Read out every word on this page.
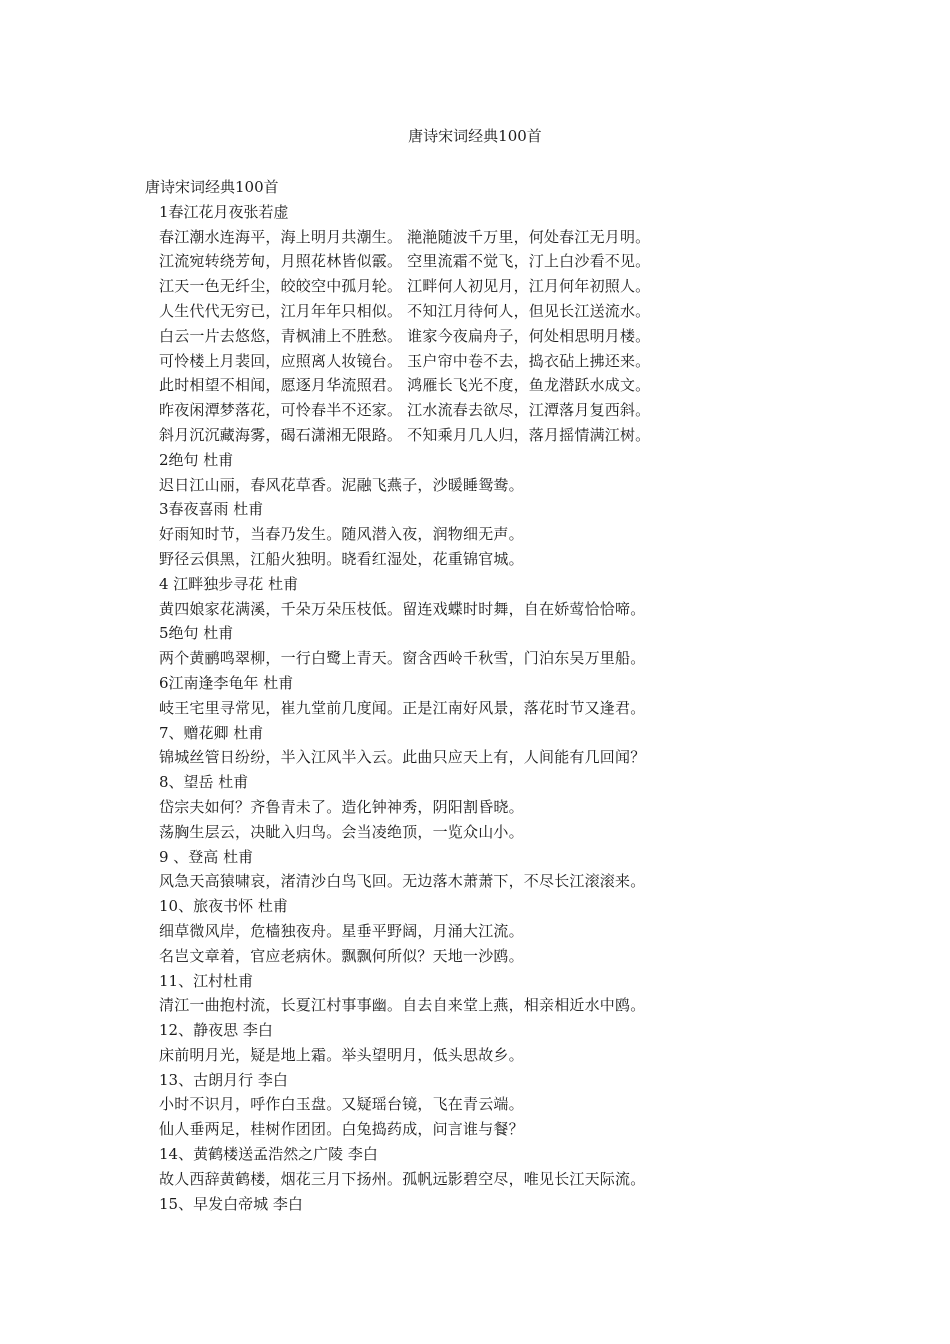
唐诗宋词经典100首
唐诗宋词经典100首
1春江花月夜张若虚
春江潮水连海平，海上明月共潮生。 滟滟随波千万里，何处春江无月明。
江流宛转绕芳甸，月照花林皆似霰。 空里流霜不觉飞，汀上白沙看不见。
江天一色无纤尘，皎皎空中孤月轮。 江畔何人初见月，江月何年初照人。
人生代代无穷已，江月年年只相似。 不知江月待何人，但见长江送流水。
白云一片去悠悠，青枫浦上不胜愁。 谁家今夜扁舟子，何处相思明月楼。
可怜楼上月裴回，应照离人妆镜台。 玉户帘中卷不去，捣衣砧上拂还来。
此时相望不相闻，愿逐月华流照君。 鸿雁长飞光不度，鱼龙潜跃水成文。
昨夜闲潭梦落花，可怜春半不还家。 江水流春去欲尽，江潭落月复西斜。
斜月沉沉藏海雾，碣石潇湘无限路。 不知乘月几人归，落月摇情满江树。
2绝句 杜甫
迟日江山丽，春风花草香。泥融飞燕子，沙暖睡鸳鸯。
3春夜喜雨 杜甫
好雨知时节，当春乃发生。随风潜入夜，润物细无声。
野径云俱黑，江船火独明。晓看红湿处，花重锦官城。
4 江畔独步寻花 杜甫
黄四娘家花满溪，千朵万朵压枝低。留连戏蝶时时舞，自在娇莺恰恰啼。
5绝句 杜甫
两个黄鹂鸣翠柳，一行白鹭上青天。窗含西岭千秋雪，门泊东吴万里船。
6江南逢李龟年 杜甫
岐王宅里寻常见，崔九堂前几度闻。正是江南好风景，落花时节又逢君。
7、赠花卿 杜甫
锦城丝管日纷纷，半入江风半入云。此曲只应天上有，人间能有几回闻？
8、望岳 杜甫
岱宗夫如何？齐鲁青未了。造化钟神秀，阴阳割昏晓。
荡胸生层云，决眦入归鸟。会当凌绝顶，一览众山小。
9 、登高 杜甫
风急天高猿啸哀，渚清沙白鸟飞回。无边落木萧萧下，不尽长江滚滚来。
10、旅夜书怀 杜甫
细草微风岸，危樯独夜舟。星垂平野阔，月涌大江流。
名岂文章着，官应老病休。飘飘何所似？天地一沙鸥。
11、江村杜甫
清江一曲抱村流，长夏江村事事幽。自去自来堂上燕，相亲相近水中鸥。
12、静夜思 李白
床前明月光，疑是地上霜。举头望明月，低头思故乡。
13、古朗月行 李白
小时不识月，呼作白玉盘。又疑瑶台镜，飞在青云端。
仙人垂两足，桂树作团团。白兔捣药成，问言谁与餐？
14、黄鹤楼送孟浩然之广陵 李白
故人西辞黄鹤楼，烟花三月下扬州。孤帆远影碧空尽，唯见长江天际流。
15、早发白帝城 李白
